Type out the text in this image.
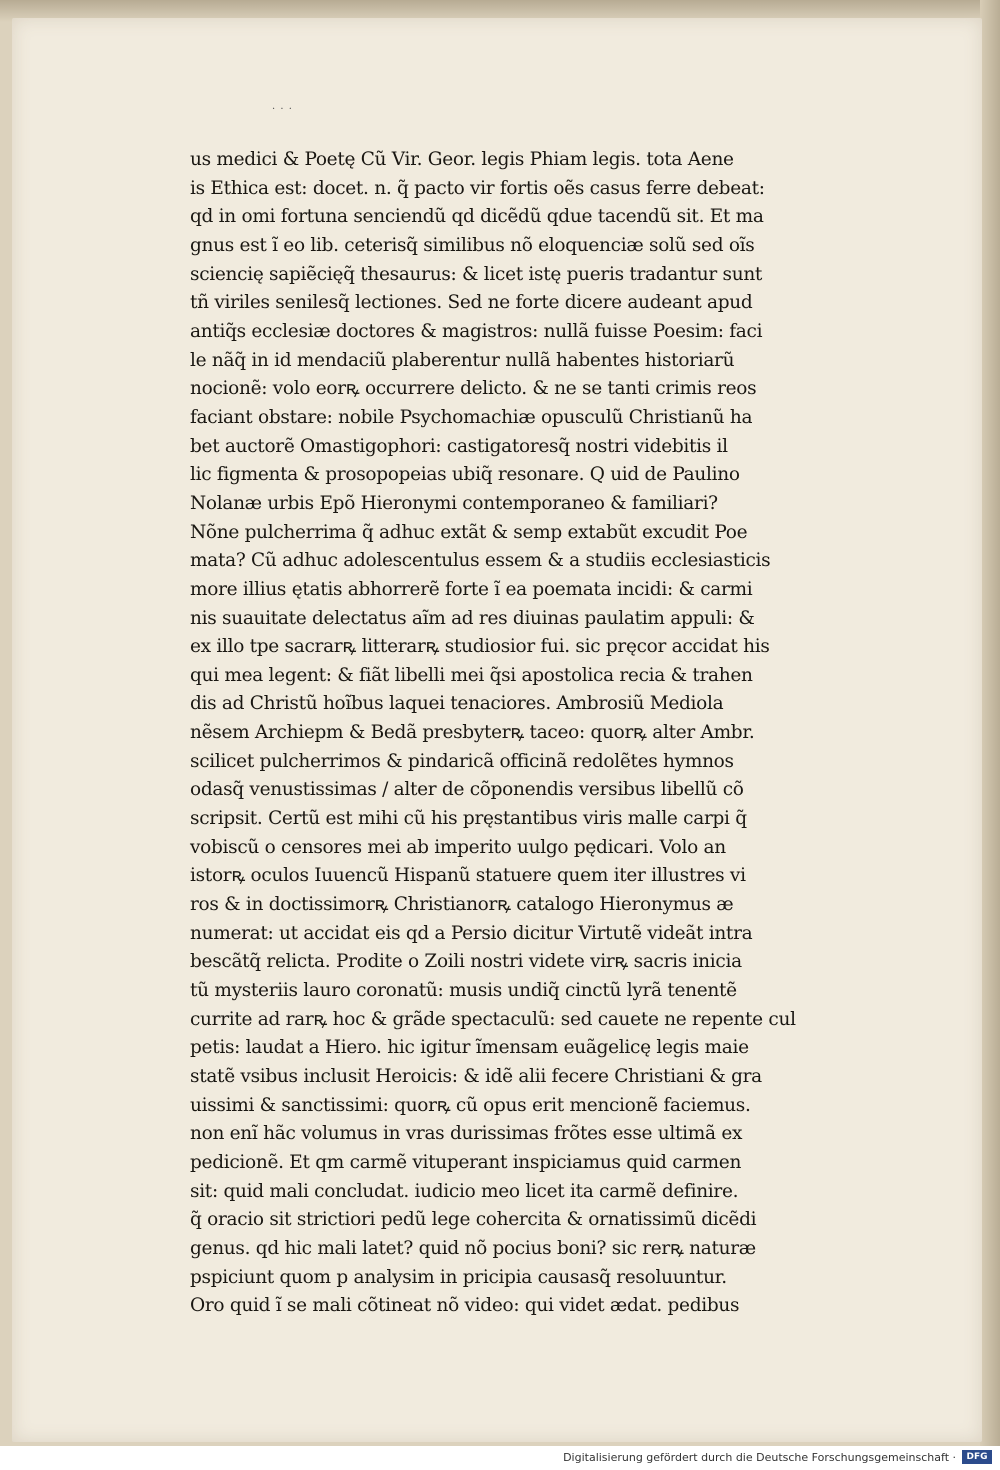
· · ·
us medici & Poetę Cũ Vir. Geor. legis Phiam legis. tota Aene
is Ethica est: docet. n. q̃ pacto vir fortis oẽs casus ferre debeat:
qd in omi fortuna senciendũ qd dicẽdũ qdue tacendũ sit. Et ma
gnus est ĩ eo lib. ceterisq̃ similibus nõ eloquenciæ solũ sed oĩs
sciencię sapiẽcięq̃ thesaurus: & licet istę pueris tradantur sunt
tñ viriles senilesq̃ lectiones. Sed ne forte dicere audeant apud
antiq̃s ecclesiæ doctores & magistros: nullã fuisse Poesim: faci
le nãq̃ in id mendaciũ plaberentur nullã habentes historiarũ
nocionẽ: volo eorꝶ occurrere delicto. & ne se tanti crimis reos
faciant obstare: nobile Psychomachiæ opusculũ Christianũ ha
bet auctorẽ Omastigophori: castigatoresq̃ nostri videbitis il
lic figmenta & prosopopeias ubiq̃ resonare. Q uid de Paulino
Nolanæ urbis Epõ Hieronymi contemporaneo & familiari?
Nõne pulcherrima q̃ adhuc extãt & semp extabũt excudit Poe
mata? Cũ adhuc adolescentulus essem & a studiis ecclesiasticis
more illius ętatis abhorrerẽ forte ĩ ea poemata incidi: & carmi
nis suauitate delectatus aĩm ad res diuinas paulatim appuli: &
ex illo tpe sacrarꝶ litterarꝶ studiosior fui. sic pręcor accidat his
qui mea legent: & fiãt libelli mei q̃si apostolica recia & trahen
dis ad Christũ hoĩbus laquei tenaciores. Ambrosiũ Mediola
nẽsem Archiepm & Bedã presbyterꝶ taceo: quorꝶ alter Ambr.
scilicet pulcherrimos & pindaricã officinã redolẽtes hymnos
odasq̃ venustissimas / alter de cõponendis versibus libellũ cõ
scripsit. Certũ est mihi cũ his pręstantibus viris malle carpi q̃
vobiscũ o censores mei ab imperito uulgo pędicari. Volo an
istorꝶ oculos Iuuencũ Hispanũ statuere quem iter illustres vi
ros & in doctissimorꝶ Christianorꝶ catalogo Hieronymus æ
numerat: ut accidat eis qd a Persio dicitur Virtutẽ videãt intra
bescãtq̃ relicta. Prodite o Zoili nostri videte virꝶ sacris inicia
tũ mysteriis lauro coronatũ: musis undiq̃ cinctũ lyrã tenentẽ
currite ad rarꝶ hoc & grãde spectaculũ: sed cauete ne repente cul
petis: laudat a Hiero. hic igitur ĩmensam euãgelicę legis maie
statẽ vsibus inclusit Heroicis: & idẽ alii fecere Christiani & gra
uissimi & sanctissimi: quorꝶ cũ opus erit mencionẽ faciemus.
non enĩ hãc volumus in vras durissimas frõtes esse ultimã ex
pedicionẽ. Et qm carmẽ vituperant inspiciamus quid carmen
sit: quid mali concludat. iudicio meo licet ita carmẽ definire.
q̃ oracio sit strictiori pedũ lege cohercita & ornatissimũ dicẽdi
genus. qd hic mali latet? quid nõ pocius boni? sic rerꝶ naturæ
pspiciunt quom p analysim in pricipia causasq̃ resoluuntur.
Oro quid ĩ se mali cõtineat nõ video: qui videt ædat. pedibus
Digitalisierung gefördert durch die Deutsche Forschungsgemeinschaft ·	DFG
